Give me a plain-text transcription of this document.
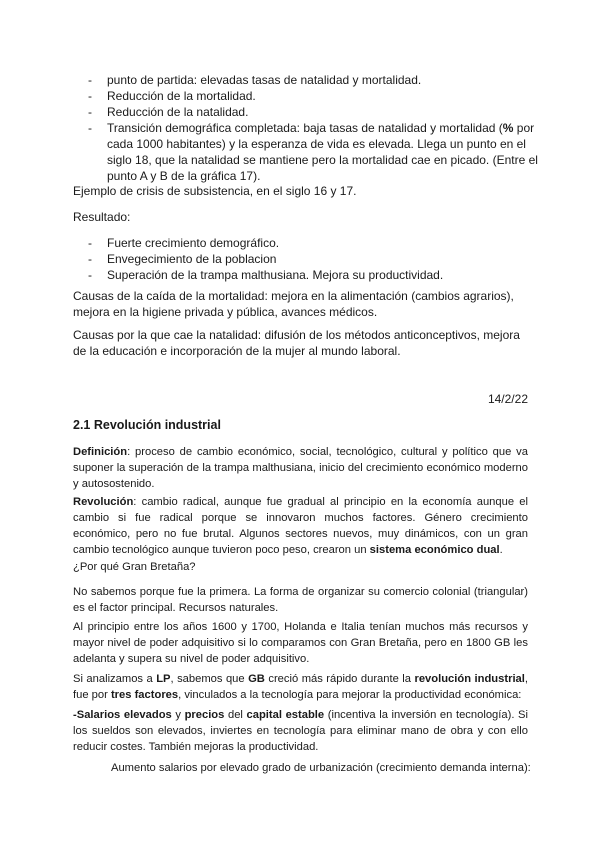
- punto de partida: elevadas tasas de natalidad y mortalidad.
- Reducción de la mortalidad.
- Reducción de la natalidad.
- Transición demográfica completada: baja tasas de natalidad y mortalidad (% por cada 1000 habitantes) y la esperanza de vida es elevada. Llega un punto en el siglo 18, que la natalidad se mantiene pero la mortalidad cae en picado. (Entre el punto A y B de la gráfica 17).
Ejemplo de crisis de subsistencia, en el siglo 16 y 17.
Resultado:
- Fuerte crecimiento demográfico.
- Envegecimiento de la poblacion
- Superación de la trampa malthusiana. Mejora su productividad.
Causas de la caída de la mortalidad: mejora en la alimentación (cambios agrarios), mejora en la higiene privada y pública, avances médicos.
Causas por la que cae la natalidad: difusión de los métodos anticonceptivos, mejora de la educación e incorporación de la mujer al mundo laboral.
14/2/22
2.1 Revolución industrial
Definición: proceso de cambio económico, social, tecnológico, cultural y político que va suponer la superación de la trampa malthusiana, inicio del crecimiento económico moderno y autosostenido.
Revolución: cambio radical, aunque fue gradual al principio en la economía aunque el cambio si fue radical porque se innovaron muchos factores. Género crecimiento económico, pero no fue brutal. Algunos sectores nuevos, muy dinámicos, con un gran cambio tecnológico aunque tuvieron poco peso, crearon un sistema económico dual.
¿Por qué Gran Bretaña?
No sabemos porque fue la primera. La forma de organizar su comercio colonial (triangular) es el factor principal. Recursos naturales.
Al principio entre los años 1600 y 1700, Holanda e Italia tenían muchos más recursos y mayor nivel de poder adquisitivo si lo comparamos con Gran Bretaña, pero en 1800 GB les adelanta y supera su nivel de poder adquisitivo.
Si analizamos a LP, sabemos que GB creció más rápido durante la revolución industrial, fue por tres factores, vinculados a la tecnología para mejorar la productividad económica:
-Salarios elevados y precios del capital estable (incentiva la inversión en tecnología). Si los sueldos son elevados, inviertes en tecnología para eliminar mano de obra y con ello reducir costes. También mejoras la productividad.
Aumento salarios por elevado grado de urbanización (crecimiento demanda interna):
